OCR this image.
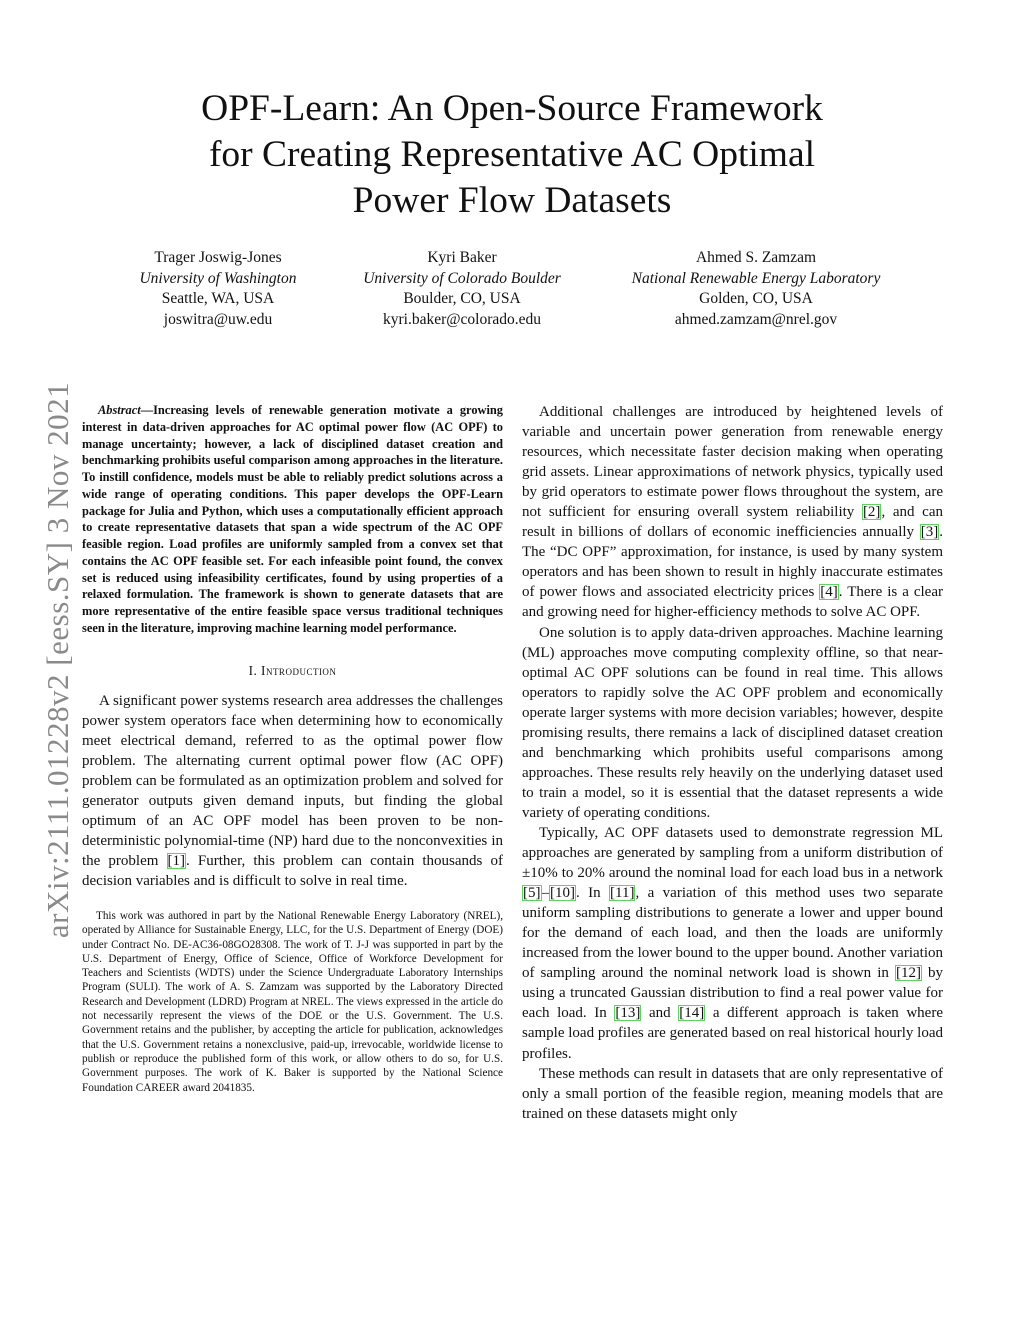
arXiv:2111.01228v2 [eess.SY] 3 Nov 2021
OPF-Learn: An Open-Source Framework
for Creating Representative AC Optimal
Power Flow Datasets
Trager Joswig-Jones
University of Washington
Seattle, WA, USA
joswitra@uw.edu
Kyri Baker
University of Colorado Boulder
Boulder, CO, USA
kyri.baker@colorado.edu
Ahmed S. Zamzam
National Renewable Energy Laboratory
Golden, CO, USA
ahmed.zamzam@nrel.gov

Abstract—Increasing levels of renewable generation motivate a growing interest in data-driven approaches for AC optimal power flow (AC OPF) to manage uncertainty; however, a lack of disciplined dataset creation and benchmarking prohibits useful comparison among approaches in the literature. To instill confidence, models must be able to reliably predict solutions across a wide range of operating conditions. This paper develops the OPF-Learn package for Julia and Python, which uses a computationally efficient approach to create representative datasets that span a wide spectrum of the AC OPF feasible region. Load profiles are uniformly sampled from a convex set that contains the AC OPF feasible set. For each infeasible point found, the convex set is reduced using infeasibility certificates, found by using properties of a relaxed formulation. The framework is shown to generate datasets that are more representative of the entire feasible space versus traditional techniques seen in the literature, improving machine learning model performance.

I. Introduction

A significant power systems research area addresses the challenges power system operators face when determining how to economically meet electrical demand, referred to as the optimal power flow problem. The alternating current optimal power flow (AC OPF) problem can be formulated as an optimization problem and solved for generator outputs given demand inputs, but finding the global optimum of an AC OPF model has been proven to be non-deterministic polynomial-time (NP) hard due to the nonconvexities in the problem [1]. Further, this problem can contain thousands of decision variables and is difficult to solve in real time.

This work was authored in part by the National Renewable Energy Laboratory (NREL), operated by Alliance for Sustainable Energy, LLC, for the U.S. Department of Energy (DOE) under Contract No. DE-AC36-08GO28308. The work of T. J-J was supported in part by the U.S. Department of Energy, Office of Science, Office of Workforce Development for Teachers and Scientists (WDTS) under the Science Undergraduate Laboratory Internships Program (SULI). The work of A. S. Zamzam was supported by the Laboratory Directed Research and Development (LDRD) Program at NREL. The views expressed in the article do not necessarily represent the views of the DOE or the U.S. Government. The U.S. Government retains and the publisher, by accepting the article for publication, acknowledges that the U.S. Government retains a nonexclusive, paid-up, irrevocable, worldwide license to publish or reproduce the published form of this work, or allow others to do so, for U.S. Government purposes. The work of K. Baker is supported by the National Science Foundation CAREER award 2041835.

Additional challenges are introduced by heightened levels of variable and uncertain power generation from renewable energy resources, which necessitate faster decision making when operating grid assets. Linear approximations of network physics, typically used by grid operators to estimate power flows throughout the system, are not sufficient for ensuring overall system reliability [2], and can result in billions of dollars of economic inefficiencies annually [3]. The “DC OPF” approximation, for instance, is used by many system operators and has been shown to result in highly inaccurate estimates of power flows and associated electricity prices [4]. There is a clear and growing need for higher-efficiency methods to solve AC OPF.

One solution is to apply data-driven approaches. Machine learning (ML) approaches move computing complexity offline, so that near-optimal AC OPF solutions can be found in real time. This allows operators to rapidly solve the AC OPF problem and economically operate larger systems with more decision variables; however, despite promising results, there remains a lack of disciplined dataset creation and benchmarking which prohibits useful comparisons among approaches. These results rely heavily on the underlying dataset used to train a model, so it is essential that the dataset represents a wide variety of operating conditions.

Typically, AC OPF datasets used to demonstrate regression ML approaches are generated by sampling from a uniform distribution of ±10% to 20% around the nominal load for each load bus in a network [5]–[10]. In [11], a variation of this method uses two separate uniform sampling distributions to generate a lower and upper bound for the demand of each load, and then the loads are uniformly increased from the lower bound to the upper bound. Another variation of sampling around the nominal network load is shown in [12] by using a truncated Gaussian distribution to find a real power value for each load. In [13] and [14] a different approach is taken where sample load profiles are generated based on real historical hourly load profiles.

These methods can result in datasets that are only representative of only a small portion of the feasible region, meaning models that are trained on these datasets might only
